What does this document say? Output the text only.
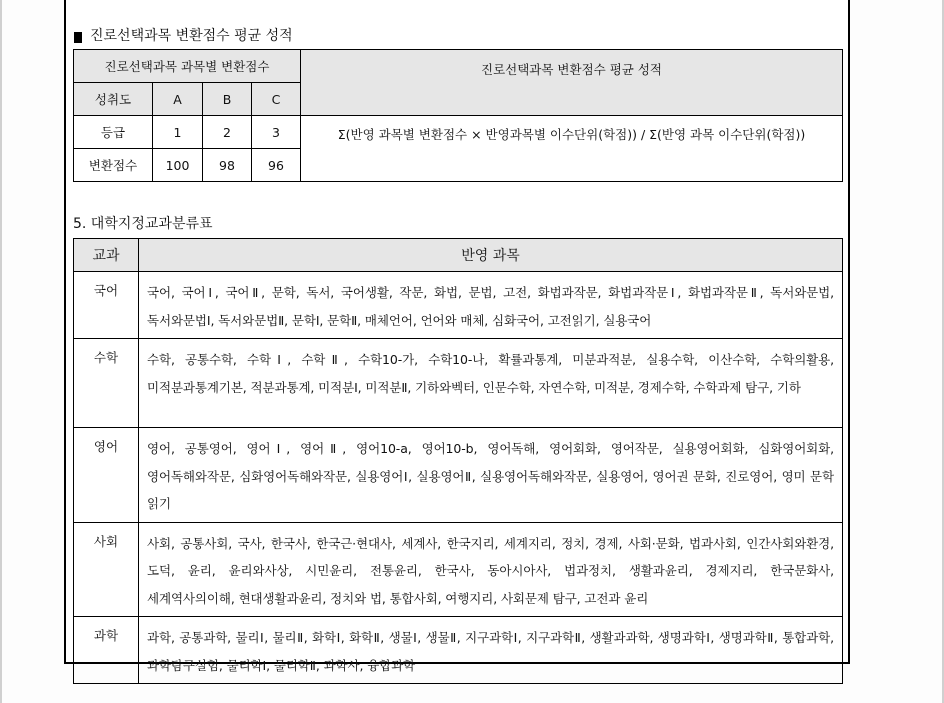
진로선택과목 변환점수 평균 성적
진로선택과목 과목별 변환점수				진로선택과목 변환점수 평균 성적
성취도	A	B	C	
등급	1	2	3	Σ(반영 과목별 변환점수 × 반영과목별 이수단위(학점)) / Σ(반영 과목 이수단위(학점))
변환점수	100	98	96	
5. 대학지정교과분류표
교과	반영 과목
국어	국어, 국어Ⅰ, 국어Ⅱ, 문학, 독서, 국어생활, 작문, 화법, 문법, 고전, 화법과작문, 화법과작문Ⅰ, 화법과작문Ⅱ, 독서와문법, 독서와문법Ⅰ, 독서와문법Ⅱ, 문학Ⅰ, 문학Ⅱ, 매체언어, 언어와 매체, 심화국어, 고전읽기, 실용국어
수학	수학, 공통수학, 수학Ⅰ, 수학Ⅱ, 수학10-가, 수학10-나, 확률과통계, 미분과적분, 실용수학, 이산수학, 수학의활용, 미적분과통계기본, 적분과통계, 미적분Ⅰ, 미적분Ⅱ, 기하와벡터, 인문수학, 자연수학, 미적분, 경제수학, 수학과제 탐구, 기하
영어	영어, 공통영어, 영어Ⅰ, 영어Ⅱ, 영어10-a, 영어10-b, 영어독해, 영어회화, 영어작문, 실용영어회화, 심화영어회화, 영어독해와작문, 심화영어독해와작문, 실용영어Ⅰ, 실용영어Ⅱ, 실용영어독해와작문, 실용영어, 영어권 문화, 진로영어, 영미 문학 읽기
사회	사회, 공통사회, 국사, 한국사, 한국근·현대사, 세계사, 한국지리, 세계지리, 정치, 경제, 사회·문화, 법과사회, 인간사회와환경, 도덕, 윤리, 윤리와사상, 시민윤리, 전통윤리, 한국사, 동아시아사, 법과정치, 생활과윤리, 경제지리, 한국문화사, 세계역사의이해, 현대생활과윤리, 정치와 법, 통합사회, 여행지리, 사회문제 탐구, 고전과 윤리
과학	과학, 공통과학, 물리Ⅰ, 물리Ⅱ, 화학Ⅰ, 화학Ⅱ, 생물Ⅰ, 생물Ⅱ, 지구과학Ⅰ, 지구과학Ⅱ, 생활과과학, 생명과학Ⅰ, 생명과학Ⅱ, 통합과학, 과학탐구실험, 물리학Ⅰ, 물리학Ⅱ, 과학사, 융합과학
